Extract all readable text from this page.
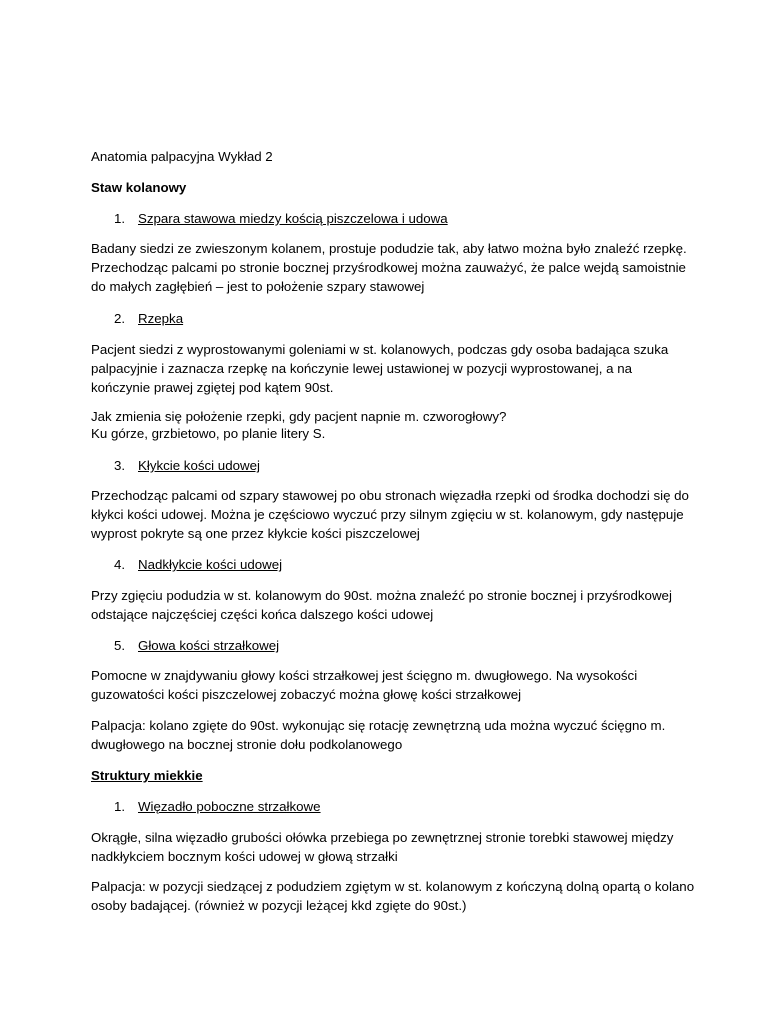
Anatomia palpacyjna Wykład 2
Staw kolanowy
1. Szpara stawowa miedzy kością piszczelowa i udowa
Badany siedzi ze zwieszonym kolanem, prostuje podudzie tak, aby łatwo można było znaleźć rzepkę.
Przechodząc palcami po stronie bocznej przyśrodkowej można zauważyć, że palce wejdą samoistnie
do małych zagłębień – jest to położenie szpary stawowej
2. Rzepka
Pacjent siedzi z wyprostowanymi goleniami w st. kolanowych, podczas gdy osoba badająca szuka
palpacyjnie i zaznacza rzepkę na kończynie lewej ustawionej w pozycji wyprostowanej, a na
kończynie prawej zgiętej pod kątem 90st.
Jak zmienia się położenie rzepki, gdy pacjent napnie m. czworogłowy?
Ku górze, grzbietowo, po planie litery S.
3. Kłykcie kości udowej
Przechodząc palcami od szpary stawowej po obu stronach więzadła rzepki od środka dochodzi się do
kłykci kości udowej. Można je częściowo wyczuć przy silnym zgięciu w st. kolanowym, gdy następuje
wyprost pokryte są one przez kłykcie kości piszczelowej
4. Nadkłykcie kości udowej
Przy zgięciu podudzia w st. kolanowym do 90st. można znaleźć po stronie bocznej i przyśrodkowej
odstające najczęściej części końca dalszego kości udowej
5. Głowa kości strzałkowej
Pomocne w znajdywaniu głowy kości strzałkowej jest ścięgno m. dwugłowego. Na wysokości
guzowatości kości piszczelowej zobaczyć można głowę kości strzałkowej
Palpacja: kolano zgięte do 90st. wykonując się rotację zewnętrzną uda można wyczuć ścięgno m.
dwugłowego na bocznej stronie dołu podkolanowego
Struktury miekkie
1. Więzadło poboczne strzałkowe
Okrągłe, silna więzadło grubości ołówka przebiega po zewnętrznej stronie torebki stawowej między
nadkłykciem bocznym kości udowej w głową strzałki
Palpacja: w pozycji siedzącej z podudziem zgiętym w st. kolanowym z kończyną dolną opartą o kolano
osoby badającej. (również w pozycji leżącej kkd zgięte do 90st.)
